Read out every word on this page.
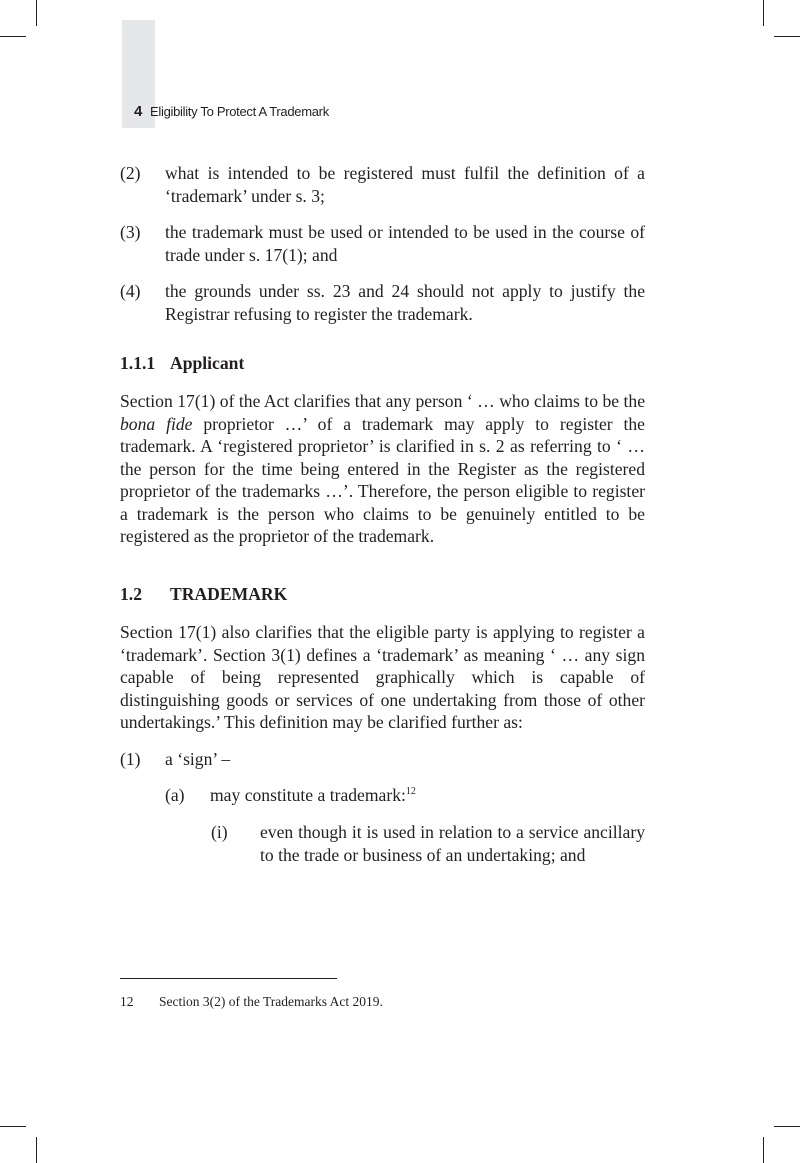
4 Eligibility To Protect A Trademark
(2) what is intended to be registered must fulfil the definition of a ‘trademark’ under s. 3;
(3) the trademark must be used or intended to be used in the course of trade under s. 17(1); and
(4) the grounds under ss. 23 and 24 should not apply to justify the Registrar refusing to register the trademark.
1.1.1 Applicant
Section 17(1) of the Act clarifies that any person ‘ … who claims to be the bona fide proprietor …’ of a trademark may apply to register the trademark. A ‘registered proprietor’ is clarified in s. 2 as referring to ‘ … the person for the time being entered in the Register as the registered proprietor of the trademarks …’. Therefore, the person eligible to register a trademark is the person who claims to be genuinely entitled to be registered as the proprietor of the trademark.
1.2 TRADEMARK
Section 17(1) also clarifies that the eligible party is applying to register a ‘trademark’. Section 3(1) defines a ‘trademark’ as meaning ‘ … any sign capable of being represented graphically which is capable of distinguishing goods or services of one undertaking from those of other undertakings.’ This definition may be clarified further as:
(1) a ‘sign’ –
(a) may constitute a trademark:$^{12}$
(i) even though it is used in relation to a service ancillary to the trade or business of an undertaking; and
12 Section 3(2) of the Trademarks Act 2019.
